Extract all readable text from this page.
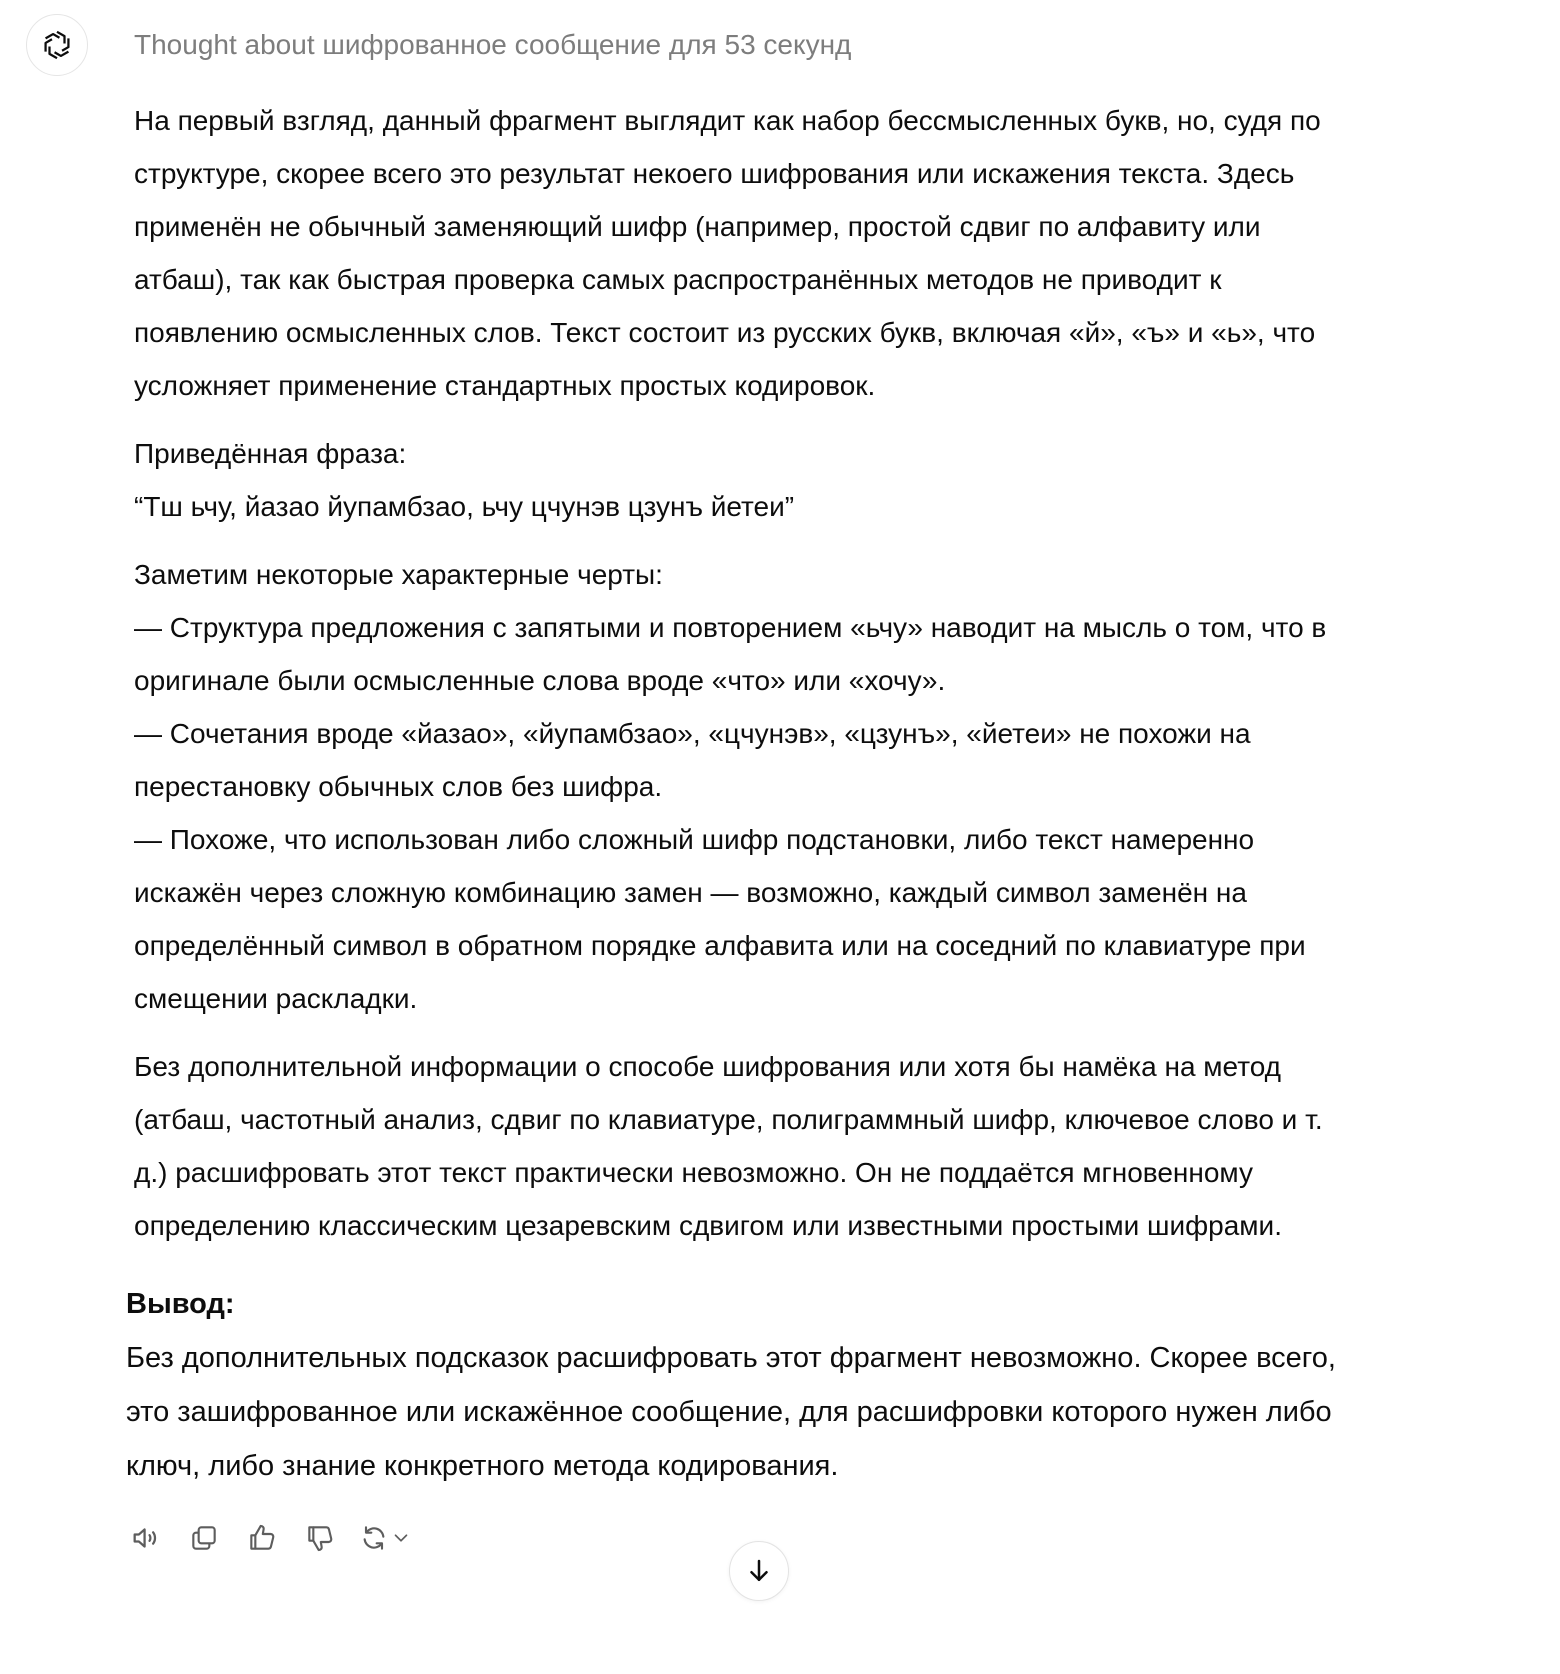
Thought about шифрованное сообщение для 53 секунд

На первый взгляд, данный фрагмент выглядит как набор бессмысленных букв, но, судя по
структуре, скорее всего это результат некоего шифрования или искажения текста. Здесь
применён не обычный заменяющий шифр (например, простой сдвиг по алфавиту или
атбаш), так как быстрая проверка самых распространённых методов не приводит к
появлению осмысленных слов. Текст состоит из русских букв, включая «й», «ъ» и «ь», что
усложняет применение стандартных простых кодировок.

Приведённая фраза:
“Тш ьчу, йазао йупамбзао, ьчу цчунэв цзунъ йетеи”

Заметим некоторые характерные черты:
— Структура предложения с запятыми и повторением «ьчу» наводит на мысль о том, что в
оригинале были осмысленные слова вроде «что» или «хочу».
— Сочетания вроде «йазао», «йупамбзао», «цчунэв», «цзунъ», «йетеи» не похожи на
перестановку обычных слов без шифра.
— Похоже, что использован либо сложный шифр подстановки, либо текст намеренно
искажён через сложную комбинацию замен — возможно, каждый символ заменён на
определённый символ в обратном порядке алфавита или на соседний по клавиатуре при
смещении раскладки.

Без дополнительной информации о способе шифрования или хотя бы намёка на метод
(атбаш, частотный анализ, сдвиг по клавиатуре, полиграммный шифр, ключевое слово и т.
д.) расшифровать этот текст практически невозможно. Он не поддаётся мгновенному
определению классическим цезаревским сдвигом или известными простыми шифрами.

Вывод:
Без дополнительных подсказок расшифровать этот фрагмент невозможно. Скорее всего,
это зашифрованное или искажённое сообщение, для расшифровки которого нужен либо
ключ, либо знание конкретного метода кодирования.
